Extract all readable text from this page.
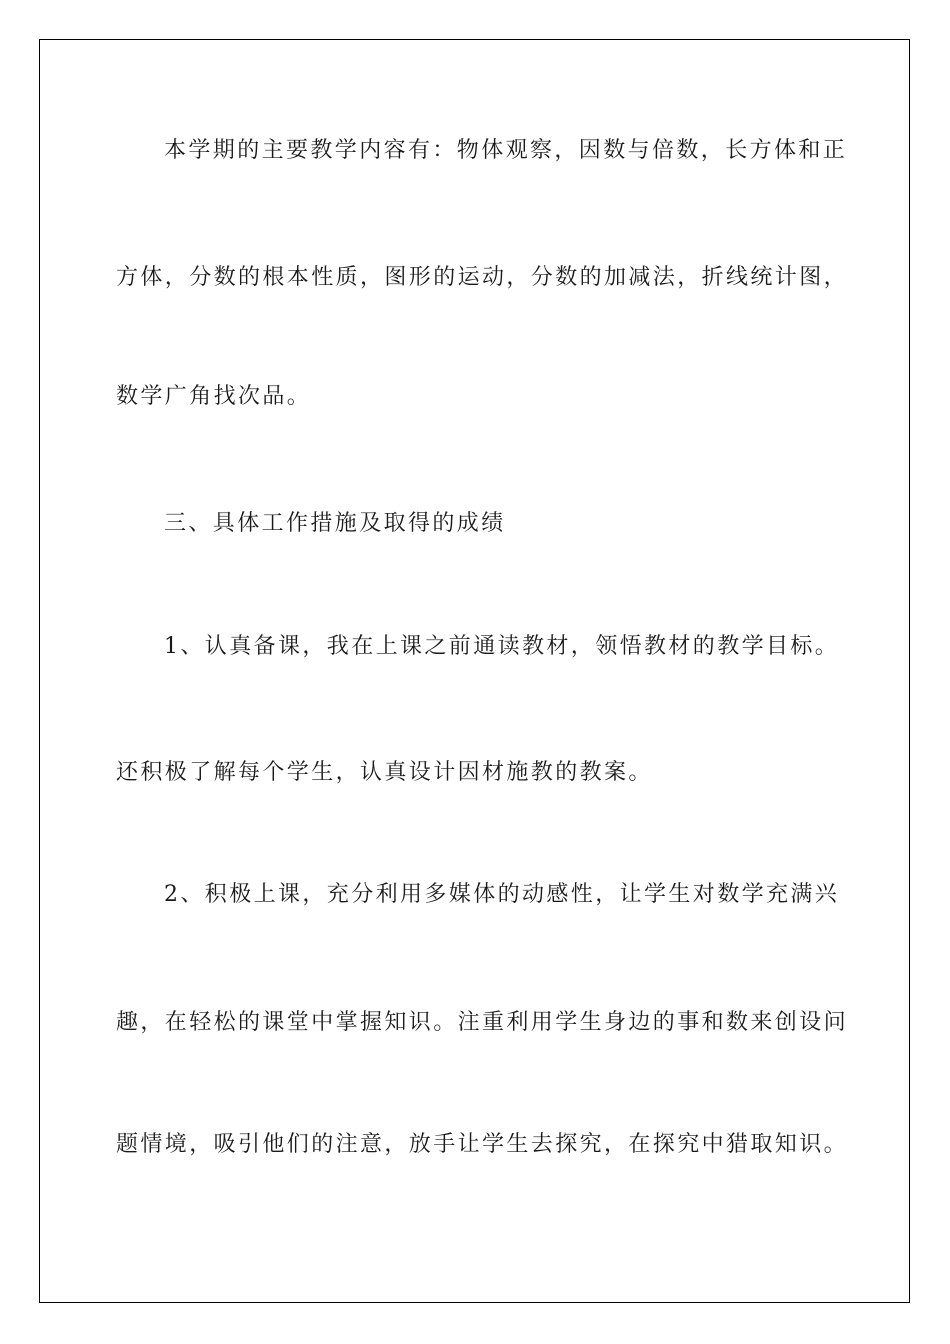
本学期的主要教学内容有：物体观察，因数与倍数，长方体和正

方体，分数的根本性质，图形的运动，分数的加减法，折线统计图，

数学广角找次品。

三、具体工作措施及取得的成绩

1、认真备课，我在上课之前通读教材，领悟教材的教学目标。

还积极了解每个学生，认真设计因材施教的教案。

2、积极上课，充分利用多媒体的动感性，让学生对数学充满兴

趣，在轻松的课堂中掌握知识。注重利用学生身边的事和数来创设问

题情境，吸引他们的注意，放手让学生去探究，在探究中猎取知识。
